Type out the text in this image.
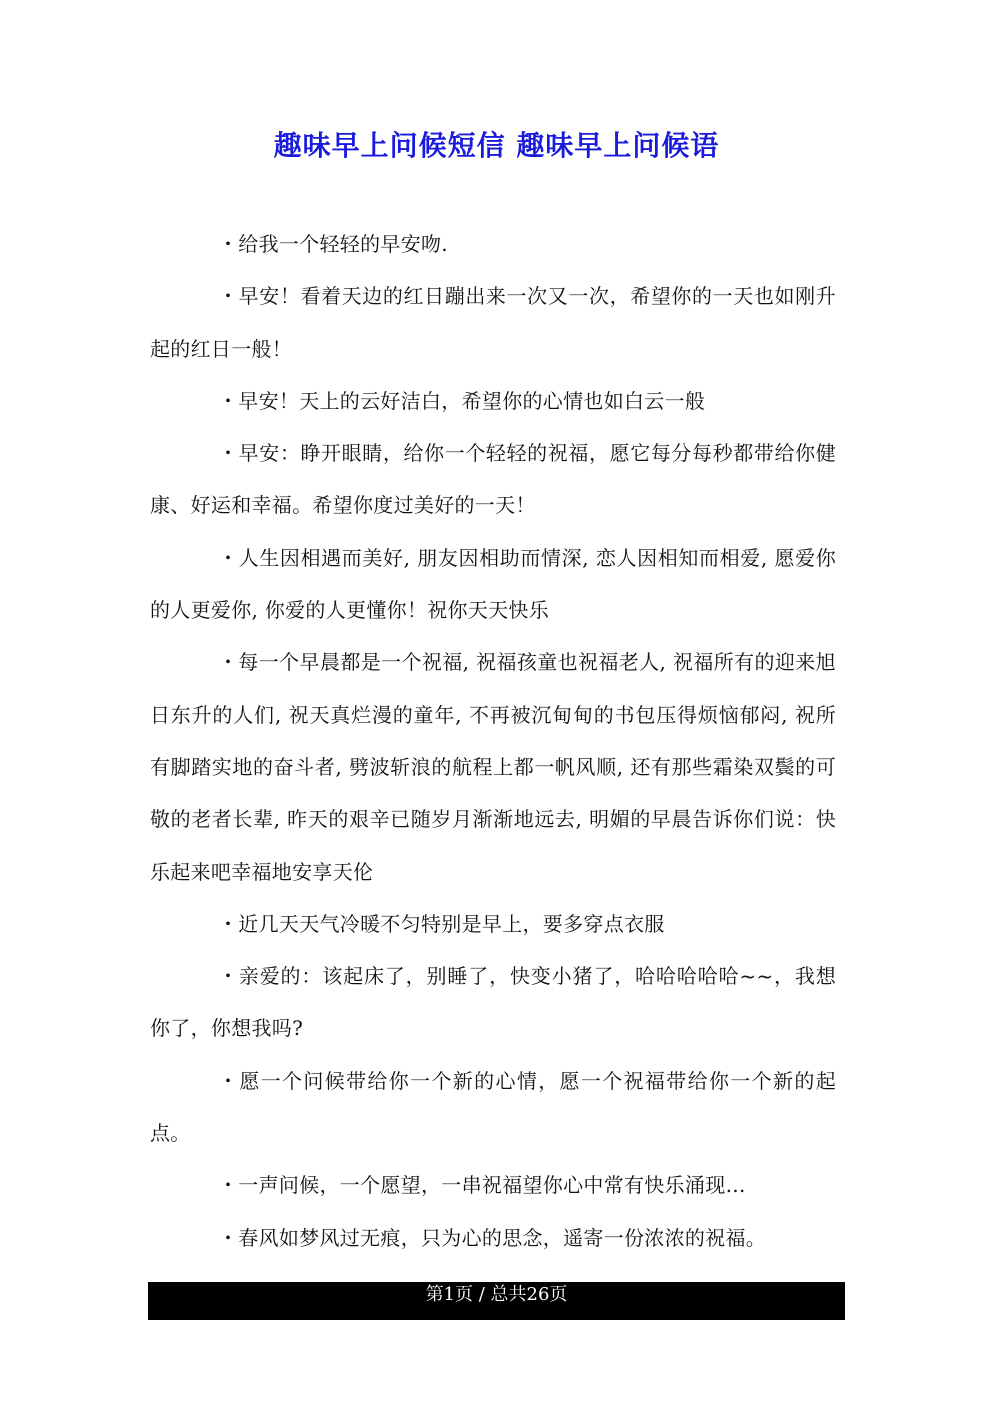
趣味早上问候短信 趣味早上问候语

・给我一个轻轻的早安吻.

・早安！看着天边的红日蹦出来一次又一次，希望你的一天也如刚升起的红日一般！

・早安！天上的云好洁白，希望你的心情也如白云一般

・早安：睁开眼睛，给你一个轻轻的祝福，愿它每分每秒都带给你健康、好运和幸福。希望你度过美好的一天！

・人生因相遇而美好, 朋友因相助而情深, 恋人因相知而相爱, 愿爱你的人更爱你, 你爱的人更懂你！祝你天天快乐

・每一个早晨都是一个祝福, 祝福孩童也祝福老人, 祝福所有的迎来旭日东升的人们, 祝天真烂漫的童年, 不再被沉甸甸的书包压得烦恼郁闷, 祝所有脚踏实地的奋斗者, 劈波斩浪的航程上都一帆风顺, 还有那些霜染双鬓的可敬的老者长辈, 昨天的艰辛已随岁月渐渐地远去, 明媚的早晨告诉你们说：快乐起来吧幸福地安享天伦

・近几天天气冷暖不匀特别是早上，要多穿点衣服

・亲爱的：该起床了，别睡了，快变小猪了，哈哈哈哈哈~~，我想你了，你想我吗?

・愿一个问候带给你一个新的心情，愿一个祝福带给你一个新的起点。

・一声问候，一个愿望，一串祝福望你心中常有快乐涌现…

・春风如梦风过无痕，只为心的思念，遥寄一份浓浓的祝福。

第1页 / 总共26页
